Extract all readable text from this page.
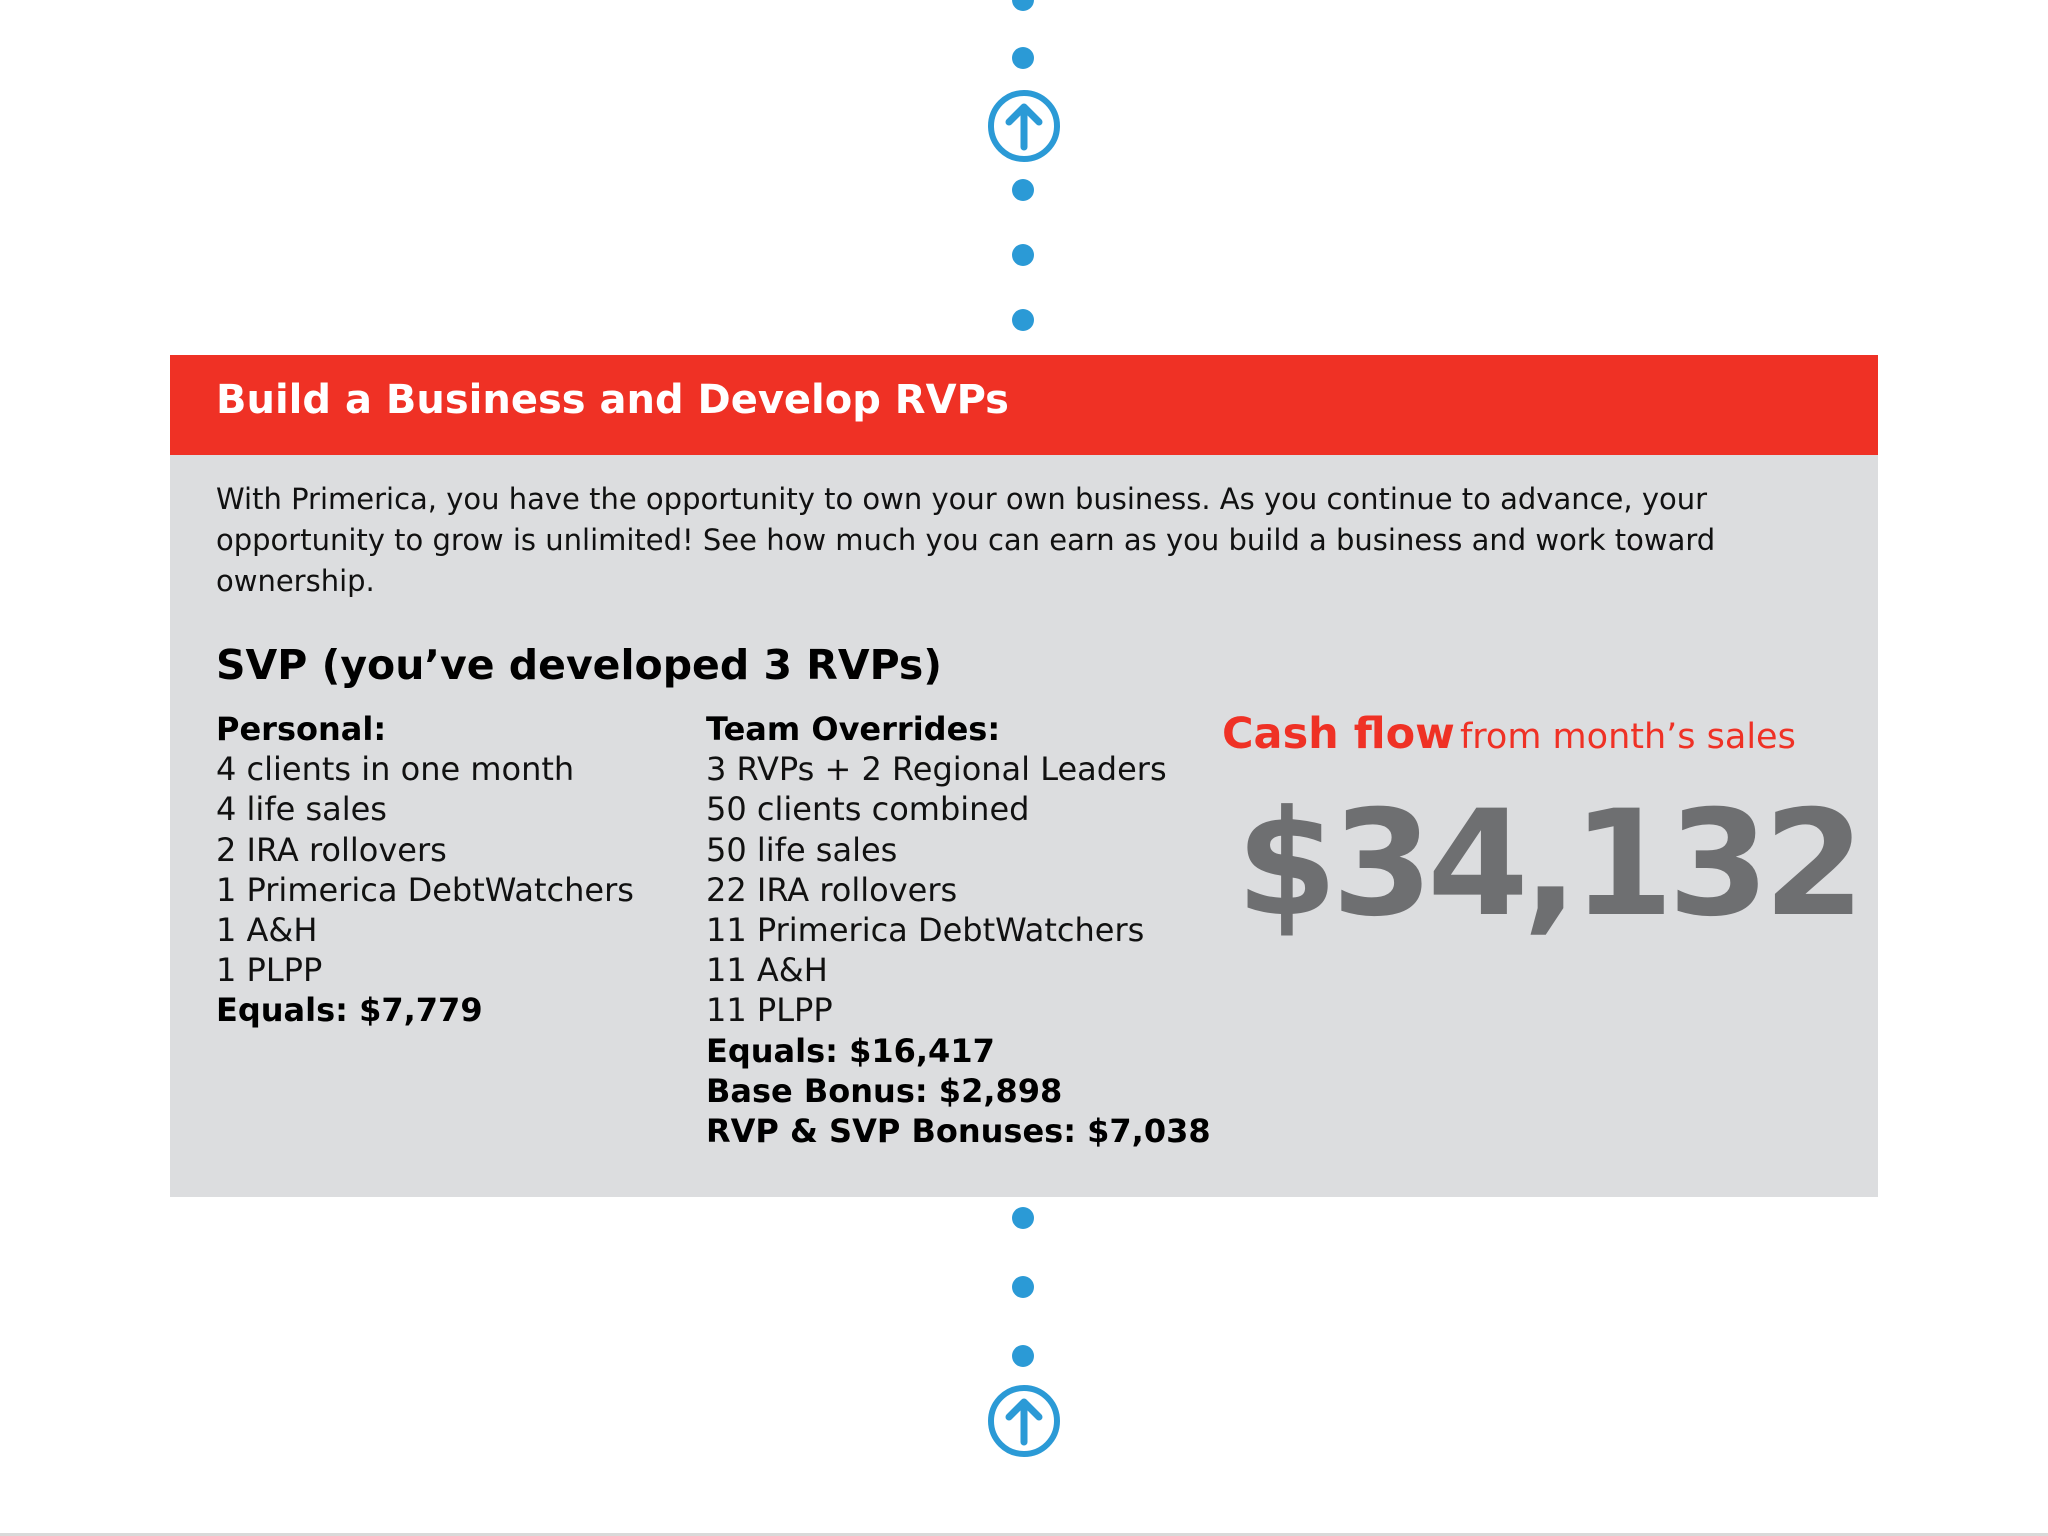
Build a Business and Develop RVPs

With Primerica, you have the opportunity to own your own business. As you continue to advance, your opportunity to grow is unlimited! See how much you can earn as you build a business and work toward ownership.

SVP (you’ve developed 3 RVPs)
Personal:
4 clients in one month
4 life sales
2 IRA rollovers
1 Primerica DebtWatchers
1 A&H
1 PLPP
Equals: $7,779
Team Overrides:
3 RVPs + 2 Regional Leaders
50 clients combined
50 life sales
22 IRA rollovers
11 Primerica DebtWatchers
11 A&H
11 PLPP
Equals: $16,417
Base Bonus: $2,898
RVP & SVP Bonuses: $7,038
Cash flow from month’s sales
$34,132
